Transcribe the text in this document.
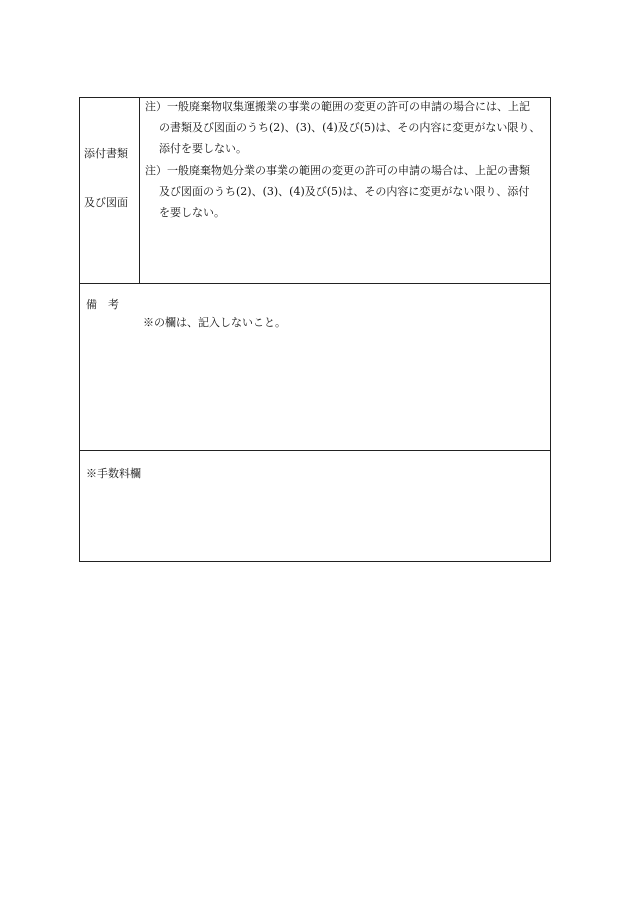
添付書類
及び図面

注）一般廃棄物収集運搬業の事業の範囲の変更の許可の申請の場合には、上記
の書類及び図面のうち(2)、(3)、(4)及び(5)は、その内容に変更がない限り、
添付を要しない。

注）一般廃棄物処分業の事業の範囲の変更の許可の申請の場合は、上記の書類
及び図面のうち(2)、(3)、(4)及び(5)は、その内容に変更がない限り、添付
を要しない。

備　考
※の欄は、記入しないこと。
※手数料欄
